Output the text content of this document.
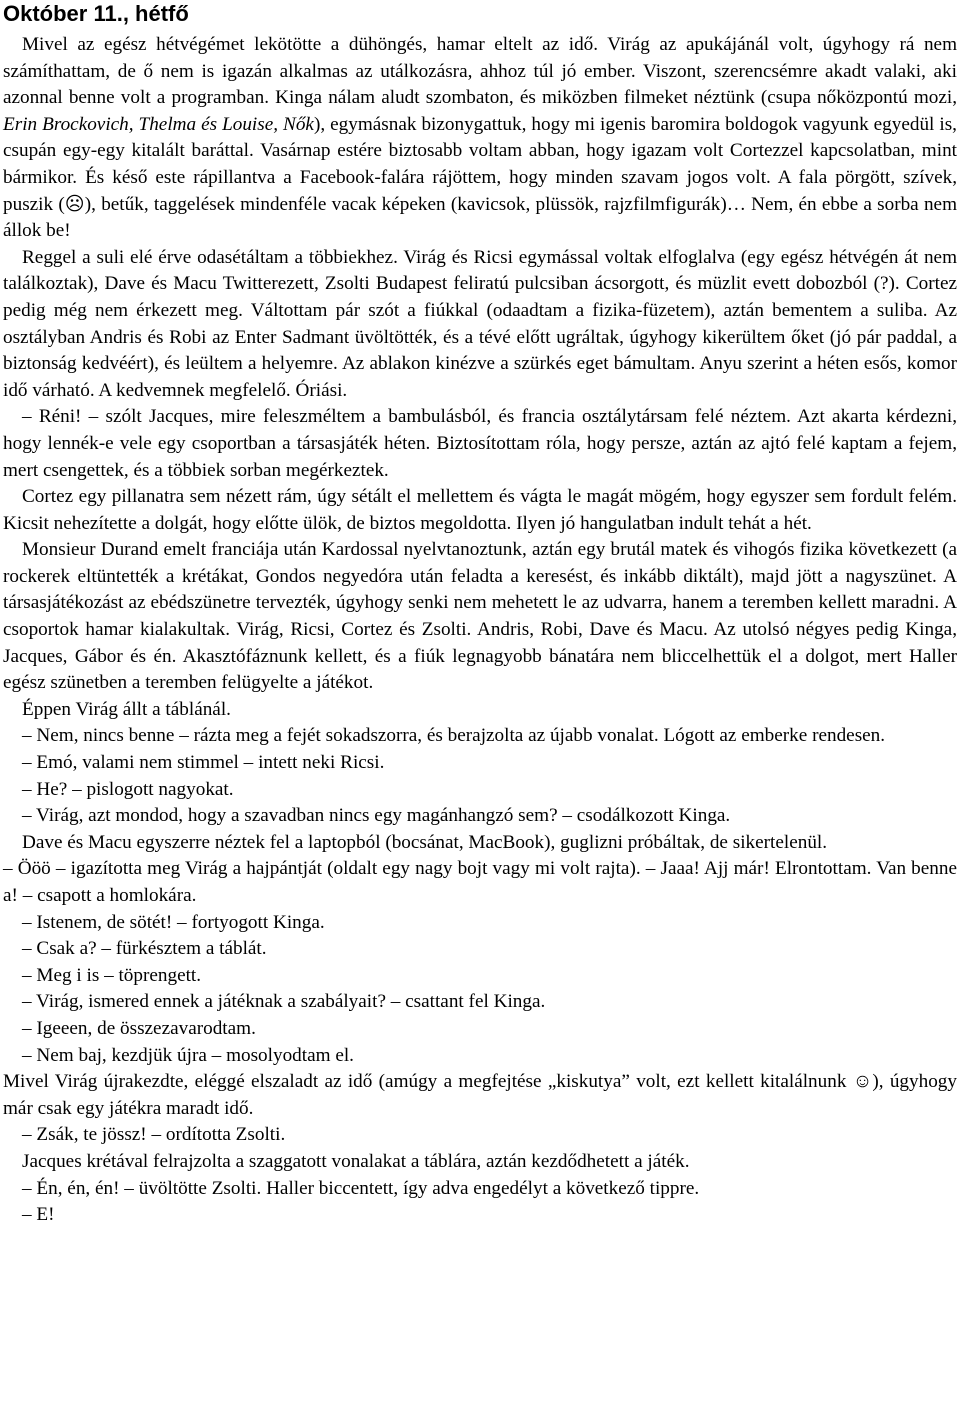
Október 11., hétfő

Mivel az egész hétvégémet lekötötte a dühöngés, hamar eltelt az idő. Virág az apukájánál volt, úgyhogy rá nem számíthattam, de ő nem is igazán alkalmas az utálkozásra, ahhoz túl jó ember. Viszont, szerencsémre akadt valaki, aki azonnal benne volt a programban. Kinga nálam aludt szombaton, és miközben filmeket néztünk (csupa nőközpontú mozi, Erin Brockovich, Thelma és Louise, Nők), egymásnak bizonygattuk, hogy mi igenis baromira boldogok vagyunk egyedül is, csupán egy-egy kitalált baráttal. Vasárnap estére biztosabb voltam abban, hogy igazam volt Cortezzel kapcsolatban, mint bármikor. És késő este rápillantva a Facebook-falára rájöttem, hogy minden szavam jogos volt. A fala pörgött, szívek, puszik (☹), betűk, taggelések mindenféle vacak képeken (kavicsok, plüssök, rajzfilmfigurák)… Nem, én ebbe a sorba nem állok be!

Reggel a suli elé érve odasétáltam a többiekhez. Virág és Ricsi egymással voltak elfoglalva (egy egész hétvégén át nem találkoztak), Dave és Macu Twitterezett, Zsolti Budapest feliratú pulcsiban ácsorgott, és müzlit evett dobozból (?). Cortez pedig még nem érkezett meg. Váltottam pár szót a fiúkkal (odaadtam a fizika-füzetem), aztán bementem a suliba. Az osztályban Andris és Robi az Enter Sadmant üvöltötték, és a tévé előtt ugráltak, úgyhogy kikerültem őket (jó pár paddal, a biztonság kedvéért), és leültem a helyemre. Az ablakon kinézve a szürkés eget bámultam. Anyu szerint a héten esős, komor idő várható. A kedvemnek megfelelő. Óriási.

– Réni! – szólt Jacques, mire feleszméltem a bambulásból, és francia osztálytársam felé néztem. Azt akarta kérdezni, hogy lennék-e vele egy csoportban a társasjáték héten. Biztosítottam róla, hogy persze, aztán az ajtó felé kaptam a fejem, mert csengettek, és a többiek sorban megérkeztek.

Cortez egy pillanatra sem nézett rám, úgy sétált el mellettem és vágta le magát mögém, hogy egyszer sem fordult felém. Kicsit nehezítette a dolgát, hogy előtte ülök, de biztos megoldotta. Ilyen jó hangulatban indult tehát a hét.

Monsieur Durand emelt franciája után Kardossal nyelvtanoztunk, aztán egy brutál matek és vihogós fizika következett (a rockerek eltüntették a krétákat, Gondos negyedóra után feladta a keresést, és inkább diktált), majd jött a nagyszünet. A társasjátékozást az ebédszünetre tervezték, úgyhogy senki nem mehetett le az udvarra, hanem a teremben kellett maradni. A csoportok hamar kialakultak. Virág, Ricsi, Cortez és Zsolti. Andris, Robi, Dave és Macu. Az utolsó négyes pedig Kinga, Jacques, Gábor és én. Akasztófáznunk kellett, és a fiúk legnagyobb bánatára nem bliccelhettük el a dolgot, mert Haller egész szünetben a teremben felügyelte a játékot.

Éppen Virág állt a táblánál.

– Nem, nincs benne – rázta meg a fejét sokadszorra, és berajzolta az újabb vonalat. Lógott az emberke rendesen.

– Emó, valami nem stimmel – intett neki Ricsi.

– He? – pislogott nagyokat.

– Virág, azt mondod, hogy a szavadban nincs egy magánhangzó sem? – csodálkozott Kinga.

Dave és Macu egyszerre néztek fel a laptopból (bocsánat, MacBook), guglizni próbáltak, de sikertelenül.

– Ööö – igazította meg Virág a hajpántját (oldalt egy nagy bojt vagy mi volt rajta). – Jaaa! Ajj már! Elrontottam. Van benne a! – csapott a homlokára.

– Istenem, de sötét! – fortyogott Kinga.

– Csak a? – fürkésztem a táblát.

– Meg i is – töprengett.

– Virág, ismered ennek a játéknak a szabályait? – csattant fel Kinga.

– Igeeen, de összezavarodtam.

– Nem baj, kezdjük újra – mosolyodtam el.

Mivel Virág újrakezdte, eléggé elszaladt az idő (amúgy a megfejtése „kiskutya” volt, ezt kellett kitalálnunk ☺), úgyhogy már csak egy játékra maradt idő.

– Zsák, te jössz! – ordította Zsolti.

Jacques krétával felrajzolta a szaggatott vonalakat a táblára, aztán kezdődhetett a játék.

– Én, én, én! – üvöltötte Zsolti. Haller biccentett, így adva engedélyt a következő tippre.

– E!
